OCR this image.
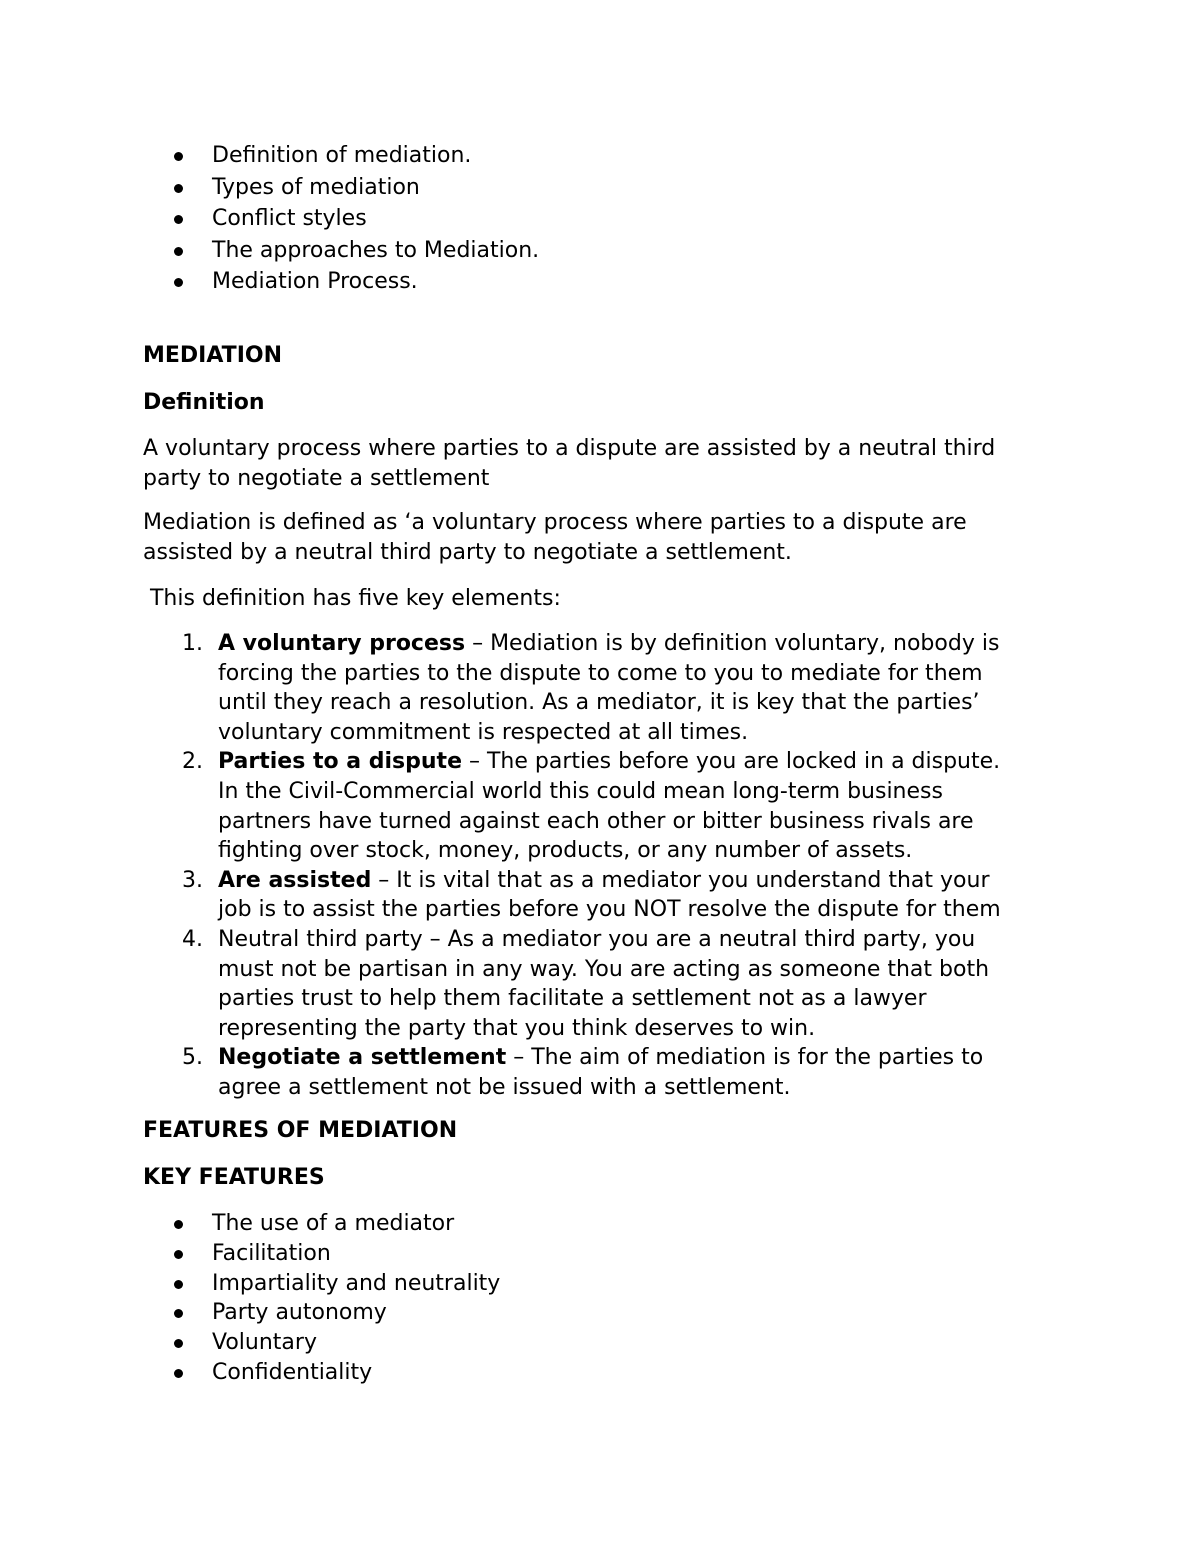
Definition of mediation.
Types of mediation
Conflict styles
The approaches to Mediation.
Mediation Process.
MEDIATION
Definition

A voluntary process where parties to a dispute are assisted by a neutral third
party to negotiate a settlement

Mediation is defined as ‘a voluntary process where parties to a dispute are
assisted by a neutral third party to negotiate a settlement.

This definition has five key elements:

1. A voluntary process – Mediation is by definition voluntary, nobody is
forcing the parties to the dispute to come to you to mediate for them
until they reach a resolution. As a mediator, it is key that the parties’
voluntary commitment is respected at all times.
2. Parties to a dispute – The parties before you are locked in a dispute.
In the Civil-Commercial world this could mean long-term business
partners have turned against each other or bitter business rivals are
fighting over stock, money, products, or any number of assets.
3. Are assisted – It is vital that as a mediator you understand that your
job is to assist the parties before you NOT resolve the dispute for them
4. Neutral third party – As a mediator you are a neutral third party, you
must not be partisan in any way. You are acting as someone that both
parties trust to help them facilitate a settlement not as a lawyer
representing the party that you think deserves to win.
5. Negotiate a settlement – The aim of mediation is for the parties to
agree a settlement not be issued with a settlement.
FEATURES OF MEDIATION
KEY FEATURES
The use of a mediator
Facilitation
Impartiality and neutrality
Party autonomy
Voluntary
Confidentiality
